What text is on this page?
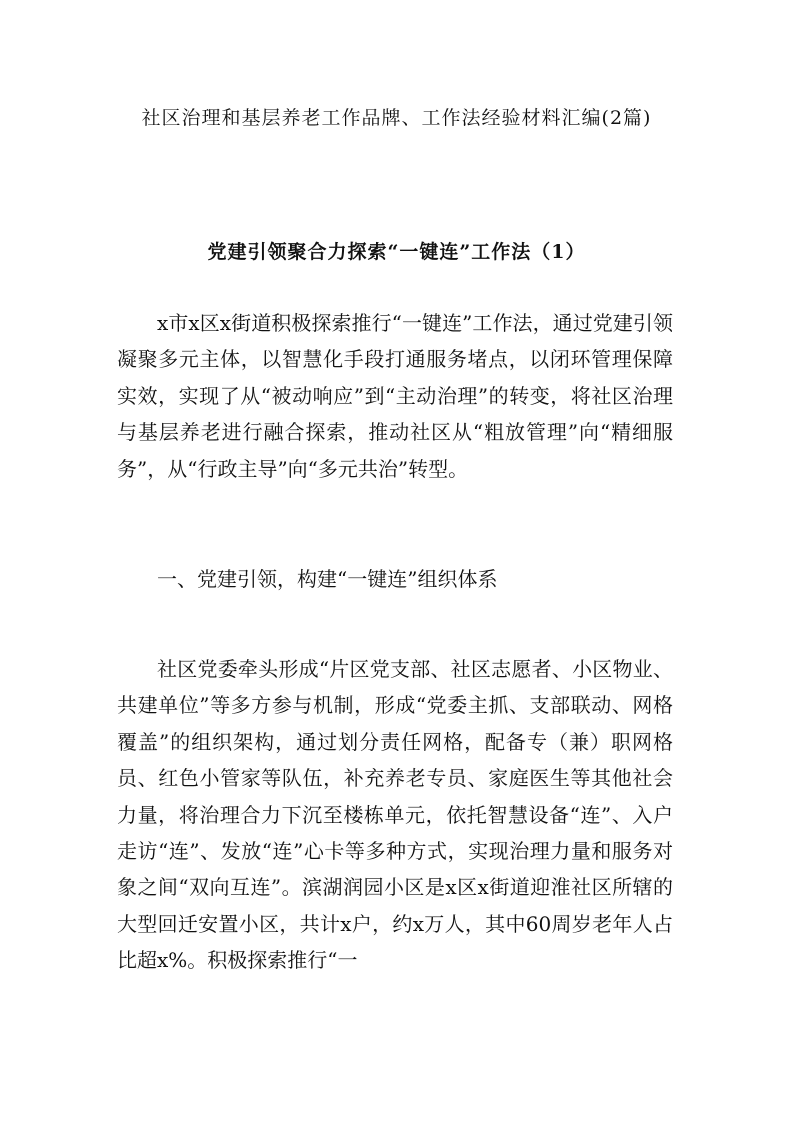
社区治理和基层养老工作品牌、工作法经验材料汇编(2篇)
党建引领聚合力探索“一键连”工作法（1）

x市x区x街道积极探索推行“一键连”工作法，通过党建引领凝聚多元主体，以智慧化手段打通服务堵点，以闭环管理保障实效，实现了从“被动响应”到“主动治理”的转变，将社区治理与基层养老进行融合探索，推动社区从“粗放管理”向“精细服务”，从“行政主导”向“多元共治”转型。

一、党建引领，构建“一键连”组织体系

社区党委牵头形成“片区党支部、社区志愿者、小区物业、共建单位”等多方参与机制，形成“党委主抓、支部联动、网格覆盖”的组织架构，通过划分责任网格，配备专（兼）职网格员、红色小管家等队伍，补充养老专员、家庭医生等其他社会力量，将治理合力下沉至楼栋单元，依托智慧设备“连”、入户走访“连”、发放“连”心卡等多种方式，实现治理力量和服务对象之间“双向互连”。滨湖润园小区是x区x街道迎淮社区所辖的大型回迁安置小区，共计x户，约x万人，其中60周岁老年人占比超x%。积极探索推行“一
